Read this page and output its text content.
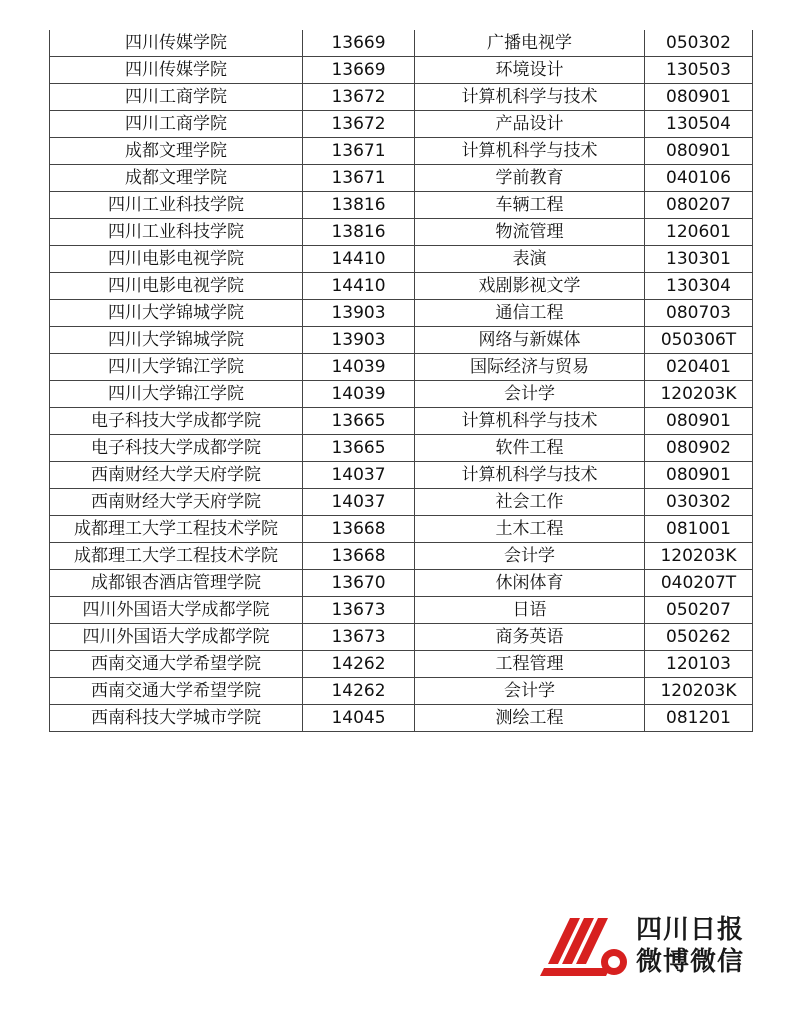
四川传媒学院	13669	广播电视学	050302
四川传媒学院	13669	环境设计	130503
四川工商学院	13672	计算机科学与技术	080901
四川工商学院	13672	产品设计	130504
成都文理学院	13671	计算机科学与技术	080901
成都文理学院	13671	学前教育	040106
四川工业科技学院	13816	车辆工程	080207
四川工业科技学院	13816	物流管理	120601
四川电影电视学院	14410	表演	130301
四川电影电视学院	14410	戏剧影视文学	130304
四川大学锦城学院	13903	通信工程	080703
四川大学锦城学院	13903	网络与新媒体	050306T
四川大学锦江学院	14039	国际经济与贸易	020401
四川大学锦江学院	14039	会计学	120203K
电子科技大学成都学院	13665	计算机科学与技术	080901
电子科技大学成都学院	13665	软件工程	080902
西南财经大学天府学院	14037	计算机科学与技术	080901
西南财经大学天府学院	14037	社会工作	030302
成都理工大学工程技术学院	13668	土木工程	081001
成都理工大学工程技术学院	13668	会计学	120203K
成都银杏酒店管理学院	13670	休闲体育	040207T
四川外国语大学成都学院	13673	日语	050207
四川外国语大学成都学院	13673	商务英语	050262
西南交通大学希望学院	14262	工程管理	120103
西南交通大学希望学院	14262	会计学	120203K
西南科技大学城市学院	14045	测绘工程	081201
四川日报
微博微信
